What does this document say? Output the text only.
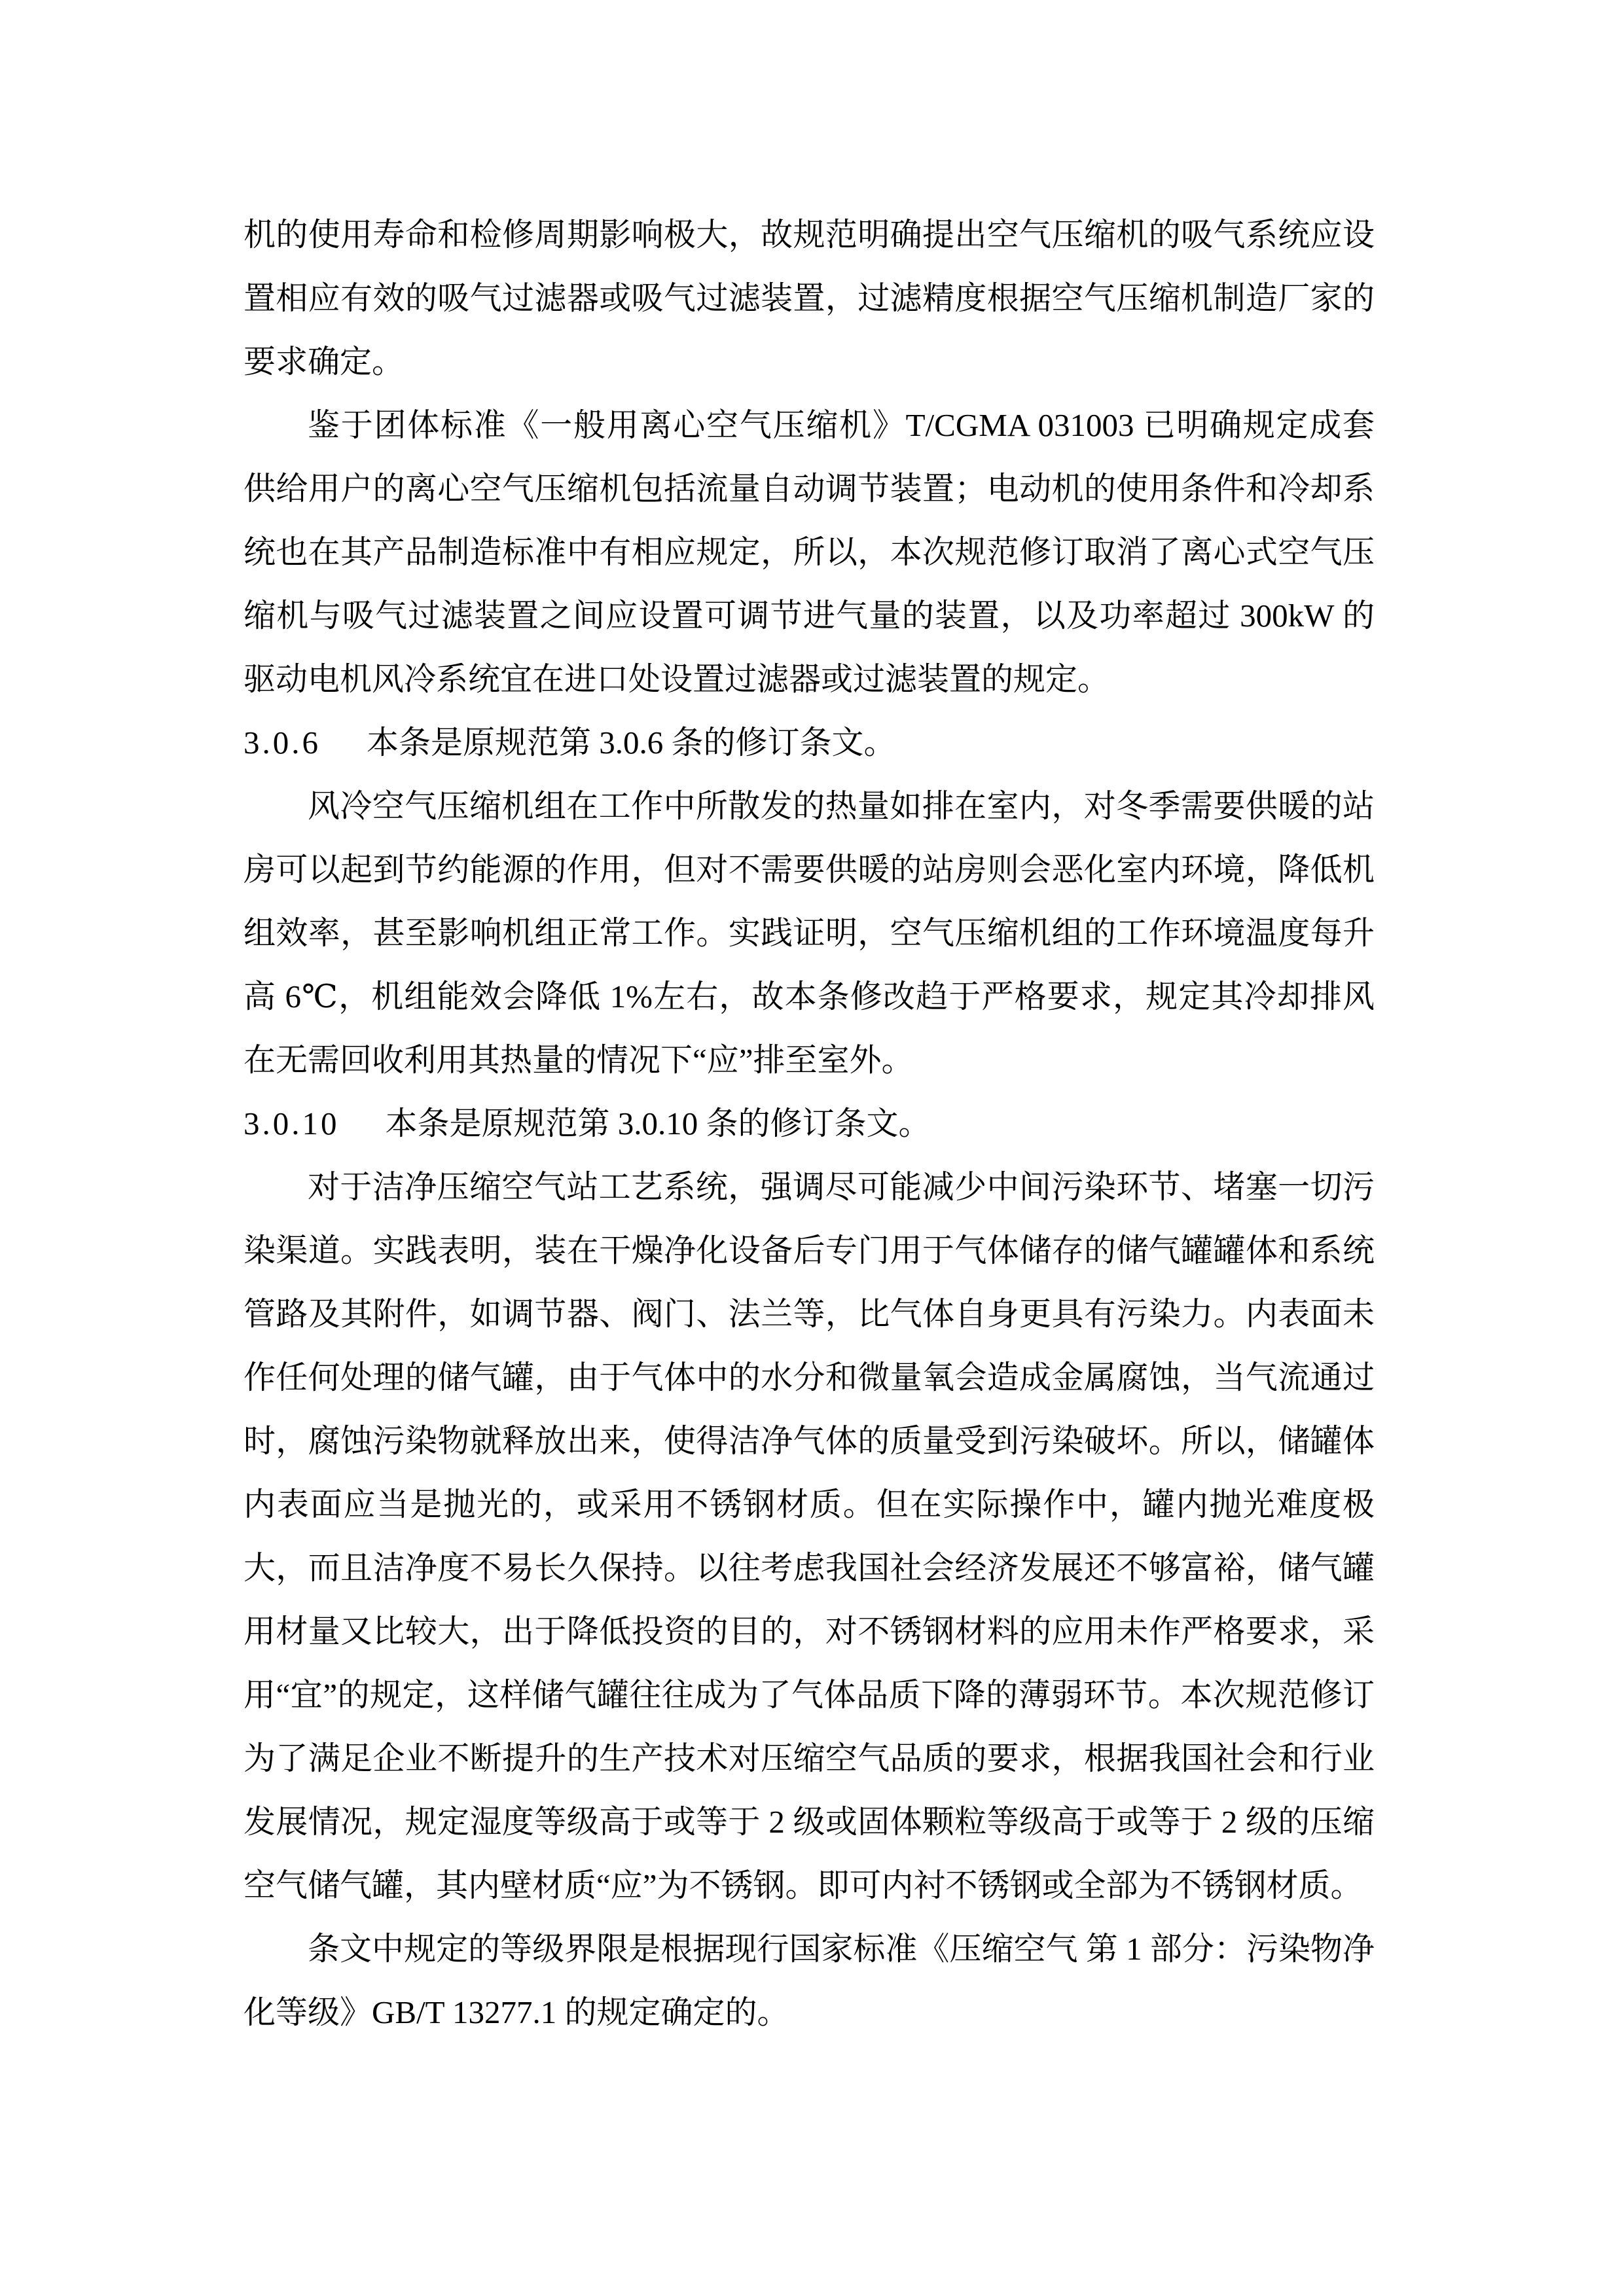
机的使用寿命和检修周期影响极大，故规范明确提出空气压缩机的吸气系统应设置相应有效的吸气过滤器或吸气过滤装置，过滤精度根据空气压缩机制造厂家的要求确定。

鉴于团体标准《一般用离心空气压缩机》T/CGMA 031003 已明确规定成套供给用户的离心空气压缩机包括流量自动调节装置；电动机的使用条件和冷却系统也在其产品制造标准中有相应规定，所以，本次规范修订取消了离心式空气压缩机与吸气过滤装置之间应设置可调节进气量的装置，以及功率超过 300kW 的驱动电机风冷系统宜在进口处设置过滤器或过滤装置的规定。

3.0.6 本条是原规范第 3.0.6 条的修订条文。

风冷空气压缩机组在工作中所散发的热量如排在室内，对冬季需要供暖的站房可以起到节约能源的作用，但对不需要供暖的站房则会恶化室内环境，降低机组效率，甚至影响机组正常工作。实践证明，空气压缩机组的工作环境温度每升高 6℃，机组能效会降低 1%左右，故本条修改趋于严格要求，规定其冷却排风在无需回收利用其热量的情况下“应”排至室外。

3.0.10 本条是原规范第 3.0.10 条的修订条文。

对于洁净压缩空气站工艺系统，强调尽可能减少中间污染环节、堵塞一切污染渠道。实践表明，装在干燥净化设备后专门用于气体储存的储气罐罐体和系统管路及其附件，如调节器、阀门、法兰等，比气体自身更具有污染力。内表面未作任何处理的储气罐，由于气体中的水分和微量氧会造成金属腐蚀，当气流通过时，腐蚀污染物就释放出来，使得洁净气体的质量受到污染破坏。所以，储罐体内表面应当是抛光的，或采用不锈钢材质。但在实际操作中，罐内抛光难度极大，而且洁净度不易长久保持。以往考虑我国社会经济发展还不够富裕，储气罐用材量又比较大，出于降低投资的目的，对不锈钢材料的应用未作严格要求，采用“宜”的规定，这样储气罐往往成为了气体品质下降的薄弱环节。本次规范修订为了满足企业不断提升的生产技术对压缩空气品质的要求，根据我国社会和行业发展情况，规定湿度等级高于或等于 2 级或固体颗粒等级高于或等于 2 级的压缩空气储气罐，其内壁材质“应”为不锈钢。即可内衬不锈钢或全部为不锈钢材质。

条文中规定的等级界限是根据现行国家标准《压缩空气 第 1 部分：污染物净化等级》GB/T 13277.1 的规定确定的。
